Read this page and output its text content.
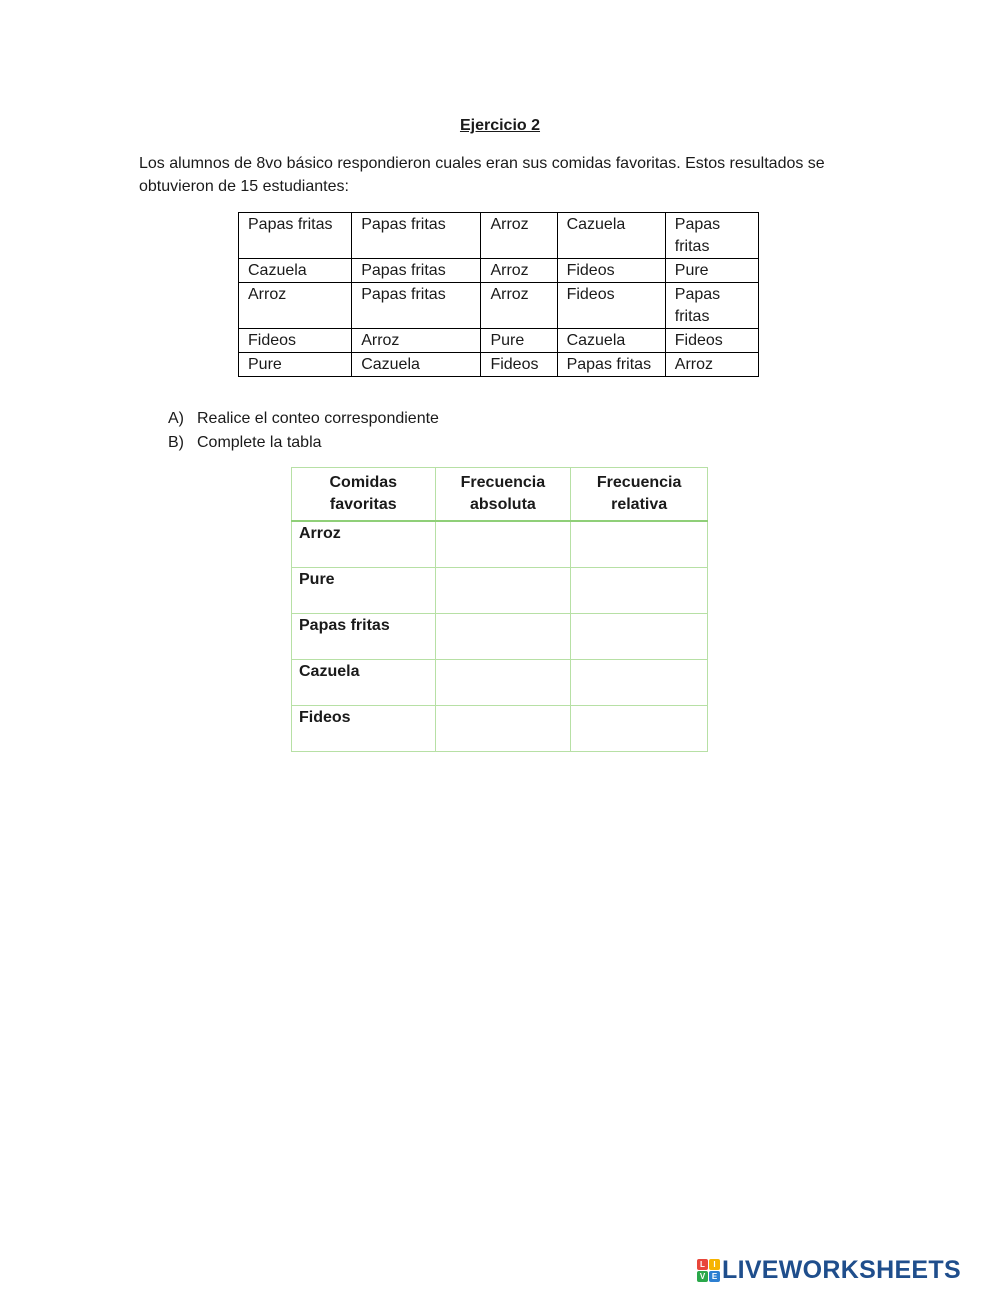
Ejercicio 2
Los alumnos de 8vo básico respondieron cuales eran sus comidas favoritas. Estos resultados se obtuvieron de 15 estudiantes:
Papas fritas	Papas fritas	Arroz	Cazuela	Papas fritas
Cazuela	Papas fritas	Arroz	Fideos	Pure
Arroz	Papas fritas	Arroz	Fideos	Papas fritas
Fideos	Arroz	Pure	Cazuela	Fideos
Pure	Cazuela	Fideos	Papas fritas	Arroz
A) Realice el conteo correspondiente
B) Complete la tabla
Comidas favoritas	Frecuencia absoluta	Frecuencia relativa
Arroz		
Pure		
Papas fritas		
Cazuela		
Fideos		
L	I
V E LIVEWORKSHEETS
